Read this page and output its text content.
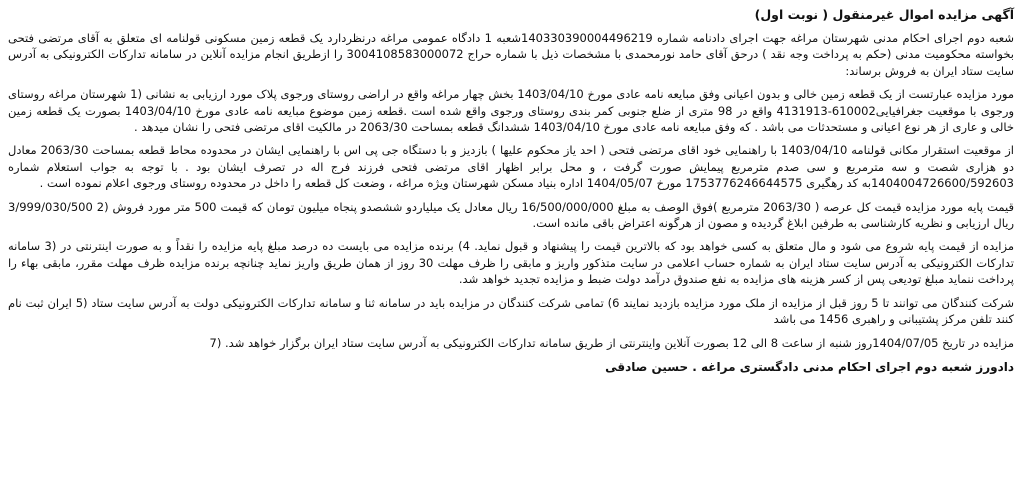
آگهی مزایده اموال غیرمنقول ( نوبت اول)
شعبه دوم اجرای احکام مدنی شهرستان مراغه جهت اجرای دادنامه شماره 140330390004496219شعبه 1 دادگاه عمومی مراغه درنظردارد یک قطعه زمین مسکونی قولنامه ای متعلق به آقای مرتضی فتحی بخواسته محکومیت مدنی (حکم به پرداخت وجه نقد ) درحق آقای حامد نورمحمدی با مشخصات ذیل با شماره حراج 3004108583000072 را ازطریق انجام مزایده آنلاین در سامانه تدارکات الکترونیکی به آدرس سایت ستاد ایران به فروش برساند:
مورد مزایده عبارتست از یک قطعه زمین خالی و بدون اعیانی وفق مبایعه نامه عادی مورخ 1403/04/10 بخش چهار مراغه واقع در اراضی روستای ورجوی پلاک مورد ارزیابی به نشانی (1 شهرستان مراغه روستای ورجوی با موقعیت جغرافیایی610002-4131913 واقع در 98 متری از ضلع جنوبی کمر بندی روستای ورجوی واقع شده است .قطعه زمین موضوع مبایعه نامه عادی مورخ 1403/04/10 بصورت یک قطعه زمین خالی و عاری از هر نوع اعیانی و مستحدثات می باشد . که وفق مبایعه نامه عادی مورخ 1403/04/10 ششدانگ قطعه بمساحت 2063/30 در مالکیت اقای مرتضی فتحی را نشان میدهد .
از موقعیت استقرار مکانی قولنامه 1403/04/10 با راهنمایی خود اقای مرتضی فتحی ( احد یاز محکوم علیها ) بازدیز و با دستگاه جی پی اس با راهنمایی ایشان در محدوده محاط قطعه بمساحت 2063/30 معادل دو هزاری شصت و سه مترمربع و سی صدم مترمربع پیمایش صورت گرفت ، و محل برابر اظهار اقای مرتضی فتحی فرزند فرج اله در تصرف ایشان بود . با توجه به جواب استعلام شماره 1404004726600/592603به کد رهگیری 1753776246644575 مورخ 1404/05/07 اداره بنیاد مسکن شهرستان ویژه مراغه ، وضعت کل قطعه را داخل در محدوده روستای ورجوی اعلام نموده است .
قیمت پایه مورد مزایده قیمت کل عرصه ( 2063/30 مترمربع )فوق الوصف به مبلغ 16/500/000/000 ریال معادل یک میلیاردو ششصدو پنجاه میلیون تومان که قیمت 500 متر مورد فروش (2 3/999/030/500 ریال ارزیابی و نظریه کارشناسی به طرفین ابلاغ گردیده و مصون از هرگونه اعتراض باقی مانده است.
مزایده از قیمت پایه شروع می شود و مال متعلق به کسی خواهد بود که بالاترین قیمت را پیشنهاد و قبول نماید. 4) برنده مزایده می بایست ده درصد مبلغ پایه مزایده را نقداً و به صورت اینترنتی در (3 سامانه تدارکات الکترونیکی به آدرس سایت ستاد ایران به شماره حساب اعلامی در سایت متذکور واریز و مابقی را ظرف مهلت 30 روز از همان طریق واریز نماید چنانچه برنده مزایده ظرف مهلت مقرر، مابقی بهاء را پرداخت ننماید مبلغ تودیعی پس از کسر هزینه های مزایده به نفع صندوق درآمد دولت ضبط و مزایده تجدید خواهد شد.
شرکت کنندگان می توانند تا 5 روز قبل از مزایده از ملک مورد مزایده بازدید نمایند 6) تمامی شرکت کنندگان در مزایده باید در سامانه ثنا و سامانه تدارکات الکترونیکی دولت به آدرس سایت ستاد (5 ایران ثبت نام کنند تلفن مرکز پشتیبانی و راهبری 1456 می باشد
مزایده در تاریخ 1404/07/05روز شنبه از ساعت 8 الی 12 بصورت آنلاین واینترنتی از طریق سامانه تدارکات الکترونیکی به آدرس سایت ستاد ایران برگزار خواهد شد. (7
دادورز شعبه دوم اجرای احکام مدنی دادگستری مراغه . حسین صادقی
